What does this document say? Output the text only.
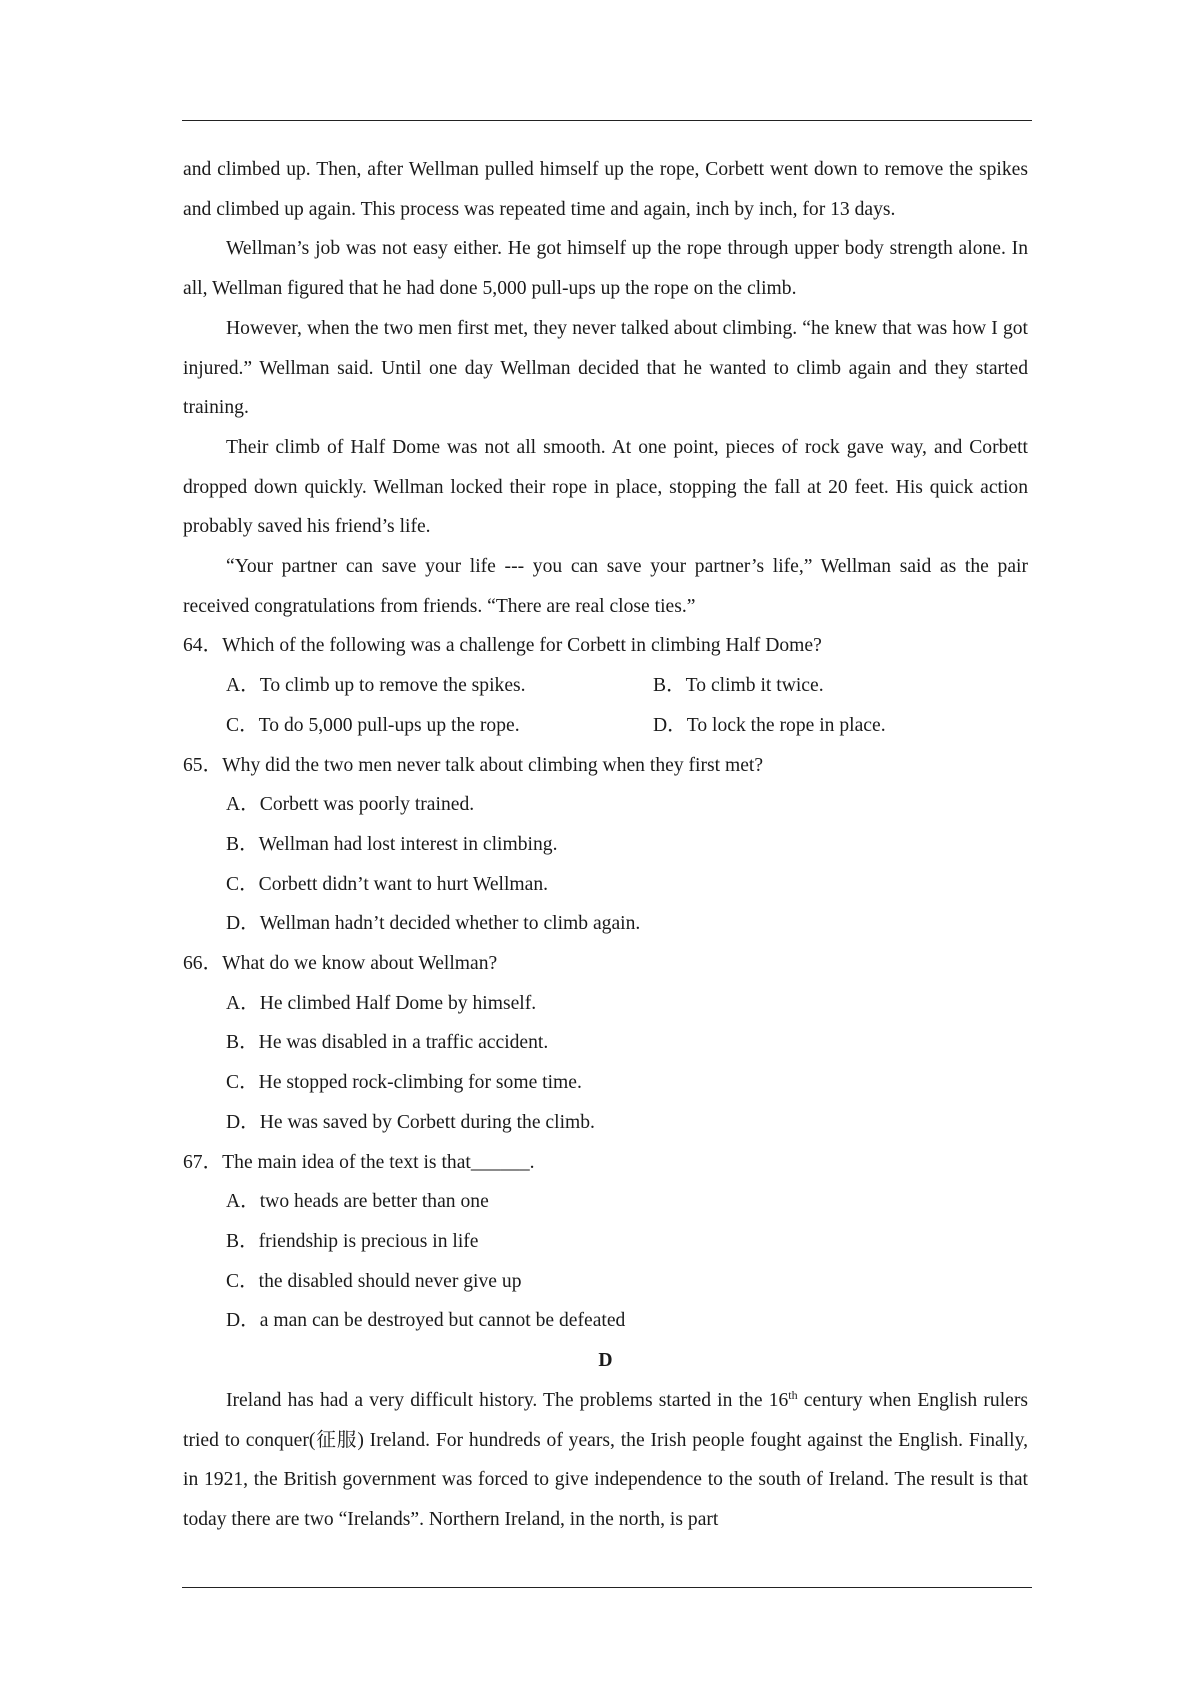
and climbed up. Then, after Wellman pulled himself up the rope, Corbett went down to remove the spikes and climbed up again. This process was repeated time and again, inch by inch, for 13 days.

Wellman’s job was not easy either. He got himself up the rope through upper body strength alone. In all, Wellman figured that he had done 5,000 pull-ups up the rope on the climb.

However, when the two men first met, they never talked about climbing. “he knew that was how I got injured.” Wellman said. Until one day Wellman decided that he wanted to climb again and they started training.

Their climb of Half Dome was not all smooth. At one point, pieces of rock gave way, and Corbett dropped down quickly. Wellman locked their rope in place, stopping the fall at 20 feet. His quick action probably saved his friend’s life.

“Your partner can save your life --- you can save your partner’s life,” Wellman said as the pair received congratulations from friends. “There are real close ties.”

64．Which of the following was a challenge for Corbett in climbing Half Dome?
A．To climb up to remove the spikes.	B．To climb it twice.
C．To do 5,000 pull-ups up the rope.	D．To lock the rope in place.
65．Why did the two men never talk about climbing when they first met?
A．Corbett was poorly trained.
B．Wellman had lost interest in climbing.
C．Corbett didn’t want to hurt Wellman.
D．Wellman hadn’t decided whether to climb again.
66．What do we know about Wellman?
A．He climbed Half Dome by himself.
B．He was disabled in a traffic accident.
C．He stopped rock-climbing for some time.
D．He was saved by Corbett during the climb.
67．The main idea of the text is that______.
A．two heads are better than one
B．friendship is precious in life
C．the disabled should never give up
D．a man can be destroyed but cannot be defeated
D

Ireland has had a very difficult history. The problems started in the 16th century when English rulers tried to conquer(征服) Ireland. For hundreds of years, the Irish people fought against the English. Finally, in 1921, the British government was forced to give independence to the south of Ireland. The result is that today there are two “Irelands”. Northern Ireland, in the north, is part
